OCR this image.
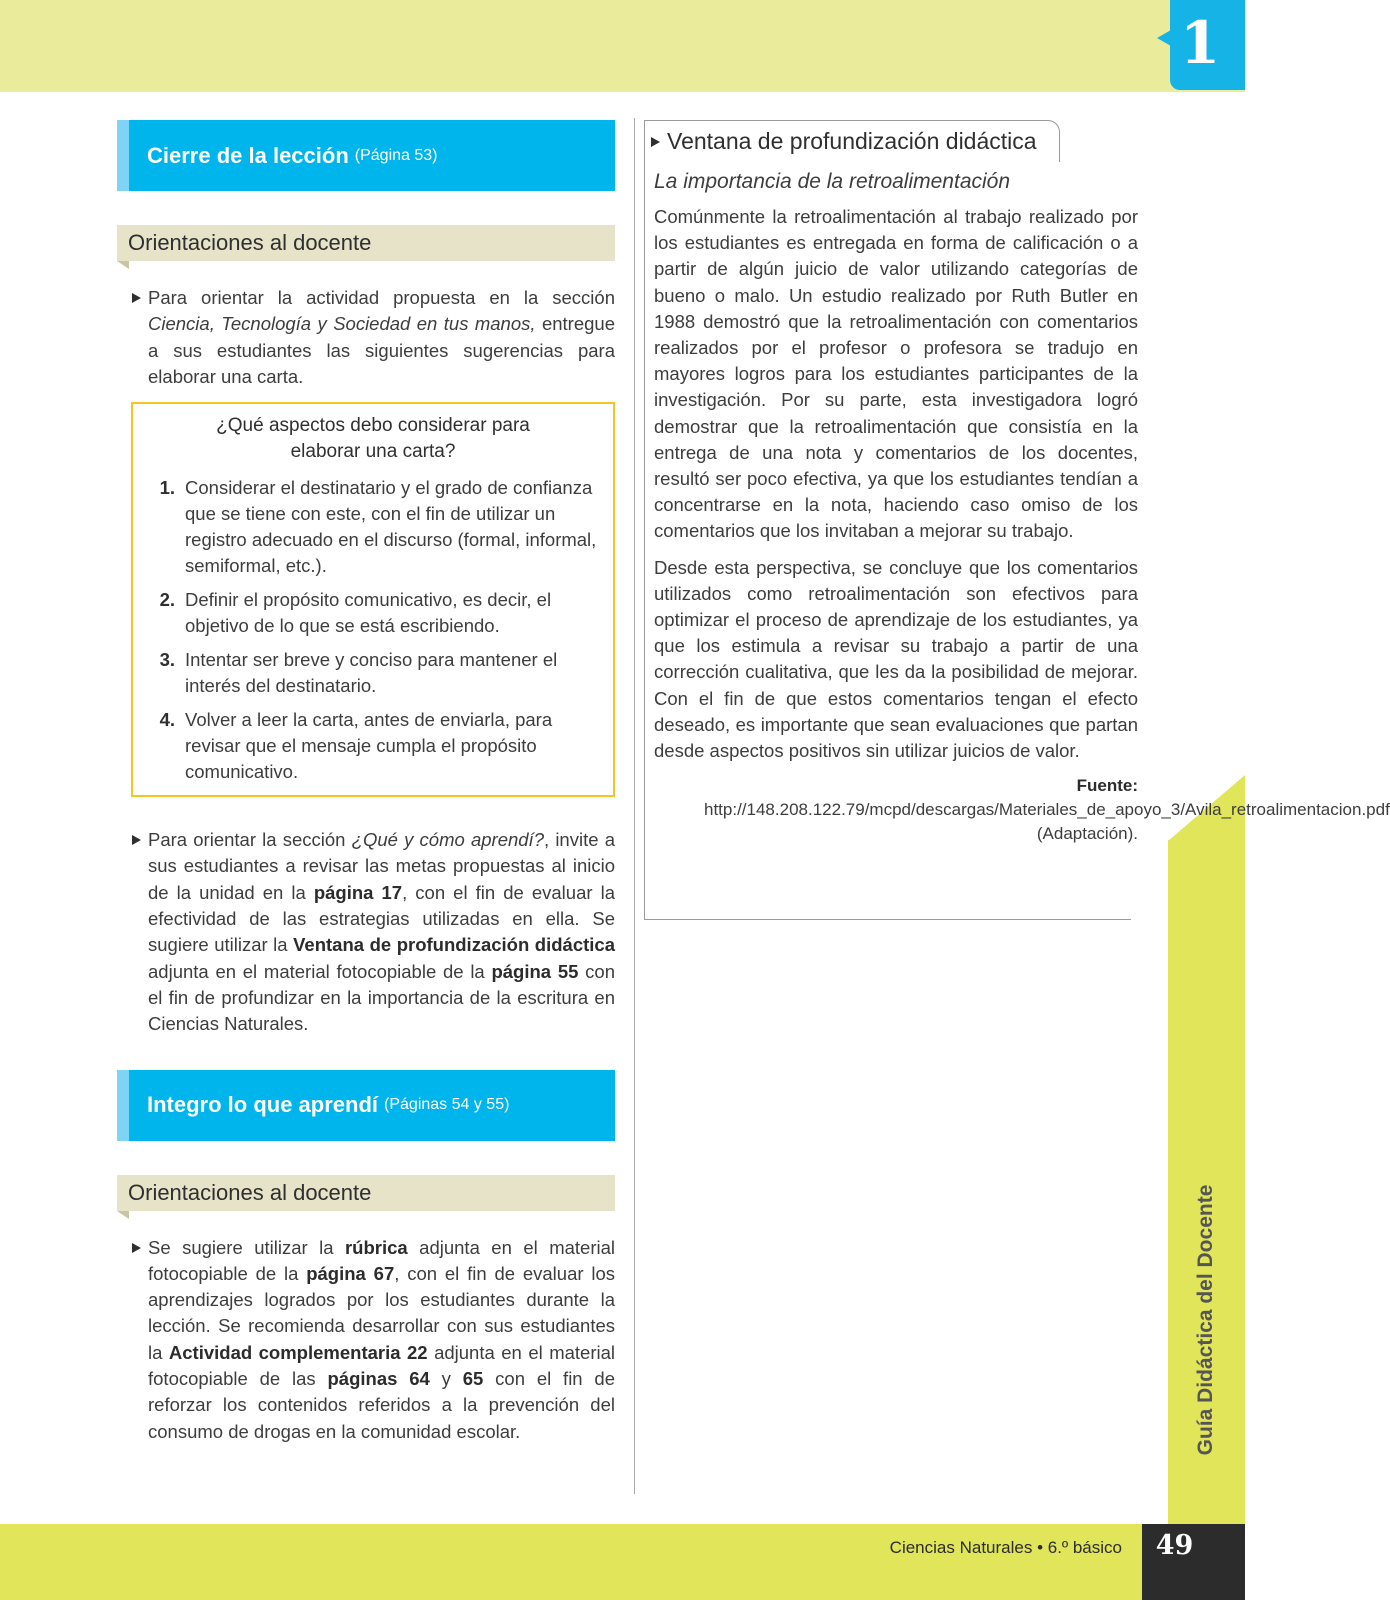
1
Guía Didáctica del Docente
Ciencias Naturales • 6.º básico	49
Cierre de la lección (Página 53)
Orientaciones al docente

Para orientar la actividad propuesta en la sección Ciencia, Tecnología y Sociedad en tus manos, entregue a sus estudiantes las siguientes sugerencias para elaborar una carta.

¿Qué aspectos debo considerar para elaborar una carta?
1. Considerar el destinatario y el grado de confianza que se tiene con este, con el fin de utilizar un registro adecuado en el discurso (formal, informal, semiformal, etc.).
2. Definir el propósito comunicativo, es decir, el objetivo de lo que se está escribiendo.
3. Intentar ser breve y conciso para mantener el interés del destinatario.
4. Volver a leer la carta, antes de enviarla, para revisar que el mensaje cumpla el propósito comunicativo.

Para orientar la sección ¿Qué y cómo aprendí?, invite a sus estudiantes a revisar las metas propuestas al inicio de la unidad en la página 17, con el fin de evaluar la efectividad de las estrategias utilizadas en ella. Se sugiere utilizar la Ventana de profundización didáctica adjunta en el material fotocopiable de la página 55 con el fin de profundizar en la importancia de la escritura en Ciencias Naturales.

Integro lo que aprendí (Páginas 54 y 55)
Orientaciones al docente

Se sugiere utilizar la rúbrica adjunta en el material fotocopiable de la página 67, con el fin de evaluar los aprendizajes logrados por los estudiantes durante la lección. Se recomienda desarrollar con sus estudiantes la Actividad complementaria 22 adjunta en el material fotocopiable de las páginas 64 y 65 con el fin de reforzar los contenidos referidos a la prevención del consumo de drogas en la comunidad escolar.

Ventana de profundización didáctica
La importancia de la retroalimentación

Comúnmente la retroalimentación al trabajo realizado por los estudiantes es entregada en forma de calificación o a partir de algún juicio de valor utilizando categorías de bueno o malo. Un estudio realizado por Ruth Butler en 1988 demostró que la retroalimentación con comentarios realizados por el profesor o profesora se tradujo en mayores logros para los estudiantes participantes de la investigación. Por su parte, esta investigadora logró demostrar que la retroalimentación que consistía en la entrega de una nota y comentarios de los docentes, resultó ser poco efectiva, ya que los estudiantes tendían a concentrarse en la nota, haciendo caso omiso de los comentarios que los invitaban a mejorar su trabajo.

Desde esta perspectiva, se concluye que los comentarios utilizados como retroalimentación son efectivos para optimizar el proceso de aprendizaje de los estudiantes, ya que los estimula a revisar su trabajo a partir de una corrección cualitativa, que les da la posibilidad de mejorar. Con el fin de que estos comentarios tengan el efecto deseado, es importante que sean evaluaciones que partan desde aspectos positivos sin utilizar juicios de valor.

Fuente: http://148.208.122.79/mcpd/descargas/Materiales_de_apoyo_3/Avila_retroalimentacion.pdf
(Adaptación).
